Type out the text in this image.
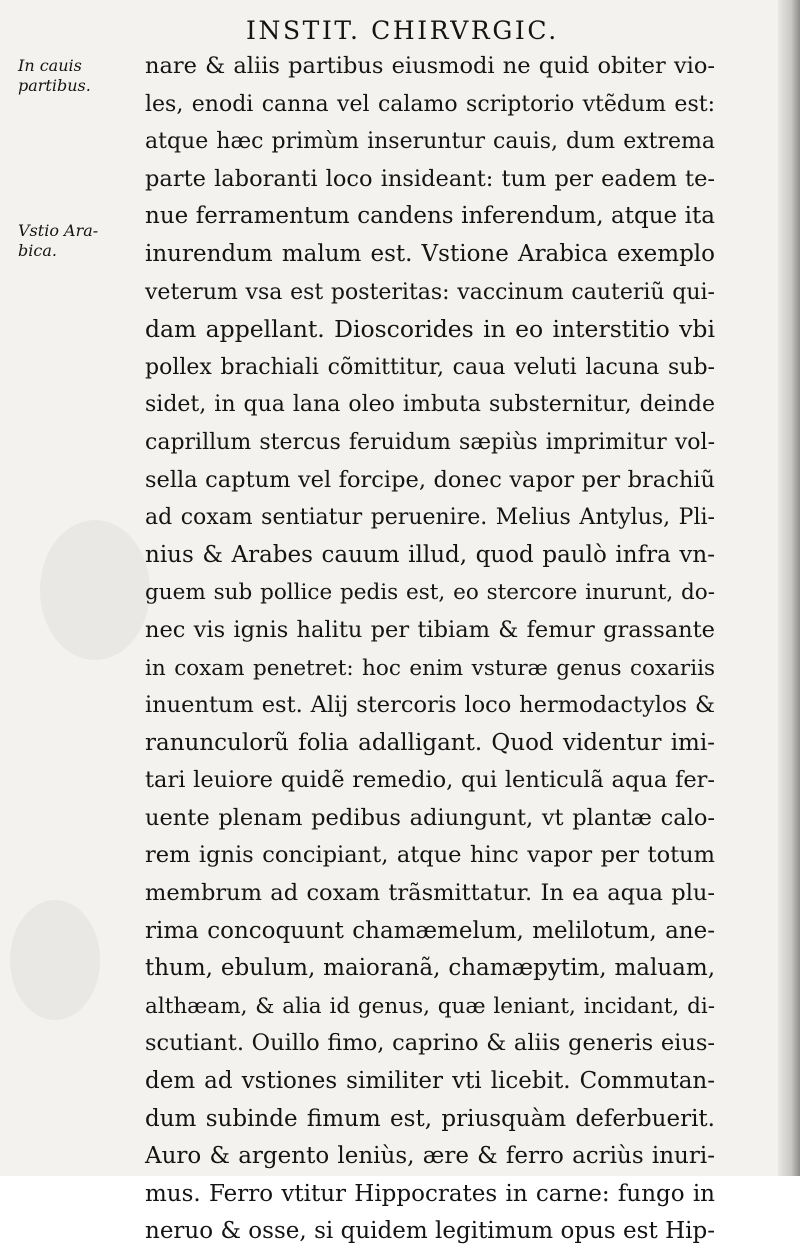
INSTIT. CHIRVRGIC.
In cauis
partibus.
Vstio Ara-
bica.
nare & aliis partibus eiusmodi ne quid obiter vio-
les, enodi canna vel calamo scriptorio vtẽdum est:
atque hæc primùm inseruntur cauis, dum extrema
parte laboranti loco insideant: tum per eadem te-
nue ferramentum candens inferendum, atque ita
inurendum malum est. Vstione Arabica exemplo
veterum vsa est posteritas: vaccinum cauteriũ qui-
dam appellant. Dioscorides in eo interstitio vbi
pollex brachiali cõmittitur, caua veluti lacuna sub-
sidet, in qua lana oleo imbuta substernitur, deinde
caprillum stercus feruidum sæpiùs imprimitur vol-
sella captum vel forcipe, donec vapor per brachiũ
ad coxam sentiatur peruenire. Melius Antylus, Pli-
nius & Arabes cauum illud, quod paulò infra vn-
guem sub pollice pedis est, eo stercore inurunt, do-
nec vis ignis halitu per tibiam & femur grassante
in coxam penetret: hoc enim vsturæ genus coxariis
inuentum est. Alij stercoris loco hermodactylos &
ranunculorũ folia adalligant. Quod videntur imi-
tari leuiore quidẽ remedio, qui lenticulã aqua fer-
uente plenam pedibus adiungunt, vt plantæ calo-
rem ignis concipiant, atque hinc vapor per totum
membrum ad coxam trãsmittatur. In ea aqua plu-
rima concoquunt chamæmelum, melilotum, ane-
thum, ebulum, maioranã, chamæpytim, maluam,
althæam, & alia id genus, quæ leniant, incidant, di-
scutiant. Ouillo fimo, caprino & aliis generis eius-
dem ad vstiones similiter vti licebit. Commutan-
dum subinde fimum est, priusquàm deferbuerit.
Auro & argento leniùs, ære & ferro acriùs inuri-
mus. Ferro vtitur Hippocrates in carne: fungo in
neruo & osse, si quidem legitimum opus est Hip-
